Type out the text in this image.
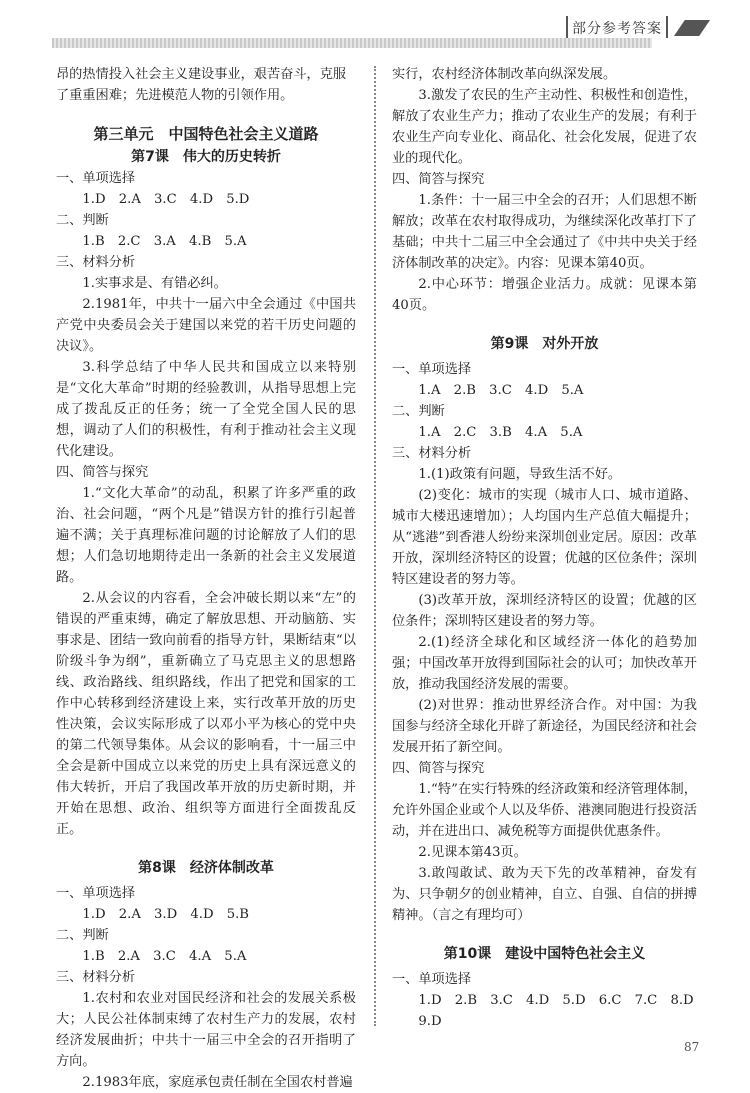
部分参考答案

昂的热情投入社会主义建设事业，艰苦奋斗，克服了重重困难；先进模范人物的引领作用。

第三单元　中国特色社会主义道路

第7课　伟大的历史转折

一、单项选择

1.D　2.A　3.C　4.D　5.D

二、判断

1.B　2.C　3.A　4.B　5.A

三、材料分析

1.实事求是、有错必纠。

2.1981年，中共十一届六中全会通过《中国共产党中央委员会关于建国以来党的若干历史问题的决议》。

3.科学总结了中华人民共和国成立以来特别是“文化大革命”时期的经验教训，从指导思想上完成了拨乱反正的任务；统一了全党全国人民的思想，调动了人们的积极性，有利于推动社会主义现代化建设。

四、简答与探究

1.“文化大革命”的动乱，积累了许多严重的政治、社会问题，“两个凡是”错误方针的推行引起普遍不满；关于真理标准问题的讨论解放了人们的思想；人们急切地期待走出一条新的社会主义发展道路。

2.从会议的内容看，全会冲破长期以来“左”的错误的严重束缚，确定了解放思想、开动脑筋、实事求是、团结一致向前看的指导方针，果断结束“以阶级斗争为纲”，重新确立了马克思主义的思想路线、政治路线、组织路线，作出了把党和国家的工作中心转移到经济建设上来，实行改革开放的历史性决策，会议实际形成了以邓小平为核心的党中央的第二代领导集体。从会议的影响看，十一届三中全会是新中国成立以来党的历史上具有深远意义的伟大转折，开启了我国改革开放的历史新时期，并开始在思想、政治、组织等方面进行全面拨乱反正。

第8课　经济体制改革

一、单项选择

1.D　2.A　3.D　4.D　5.B

二、判断

1.B　2.A　3.C　4.A　5.A

三、材料分析

1.农村和农业对国民经济和社会的发展关系极大；人民公社体制束缚了农村生产力的发展，农村经济发展曲折；中共十一届三中全会的召开指明了方向。

2.1983年底，家庭承包责任制在全国农村普遍

实行，农村经济体制改革向纵深发展。

3.激发了农民的生产主动性、积极性和创造性，解放了农业生产力；推动了农业生产的发展；有利于农业生产向专业化、商品化、社会化发展，促进了农业的现代化。

四、简答与探究

1.条件：十一届三中全会的召开；人们思想不断解放；改革在农村取得成功，为继续深化改革打下了基础；中共十二届三中全会通过了《中共中央关于经济体制改革的决定》。内容：见课本第40页。

2.中心环节：增强企业活力。成就：见课本第40页。

第9课　对外开放

一、单项选择

1.A　2.B　3.C　4.D　5.A

二、判断

1.A　2.C　3.B　4.A　5.A

三、材料分析

1.(1)政策有问题，导致生活不好。

(2)变化：城市的实现（城市人口、城市道路、城市大楼迅速增加）；人均国内生产总值大幅提升；从“逃港”到香港人纷纷来深圳创业定居。原因：改革开放，深圳经济特区的设置；优越的区位条件；深圳特区建设者的努力等。

(3)改革开放，深圳经济特区的设置；优越的区位条件；深圳特区建设者的努力等。

2.(1)经济全球化和区域经济一体化的趋势加强；中国改革开放得到国际社会的认可；加快改革开放，推动我国经济发展的需要。

(2)对世界：推动世界经济合作。对中国：为我国参与经济全球化开辟了新途径，为国民经济和社会发展开拓了新空间。

四、简答与探究

1.“特”在实行特殊的经济政策和经济管理体制，允许外国企业或个人以及华侨、港澳同胞进行投资活动，并在进出口、减免税等方面提供优惠条件。

2.见课本第43页。

3.敢闯敢试、敢为天下先的改革精神，奋发有为、只争朝夕的创业精神，自立、自强、自信的拼搏精神。（言之有理均可）

第10课　建设中国特色社会主义

一、单项选择

1.D　2.B　3.C　4.D　5.D　6.C　7.C　8.D　9.D

87
